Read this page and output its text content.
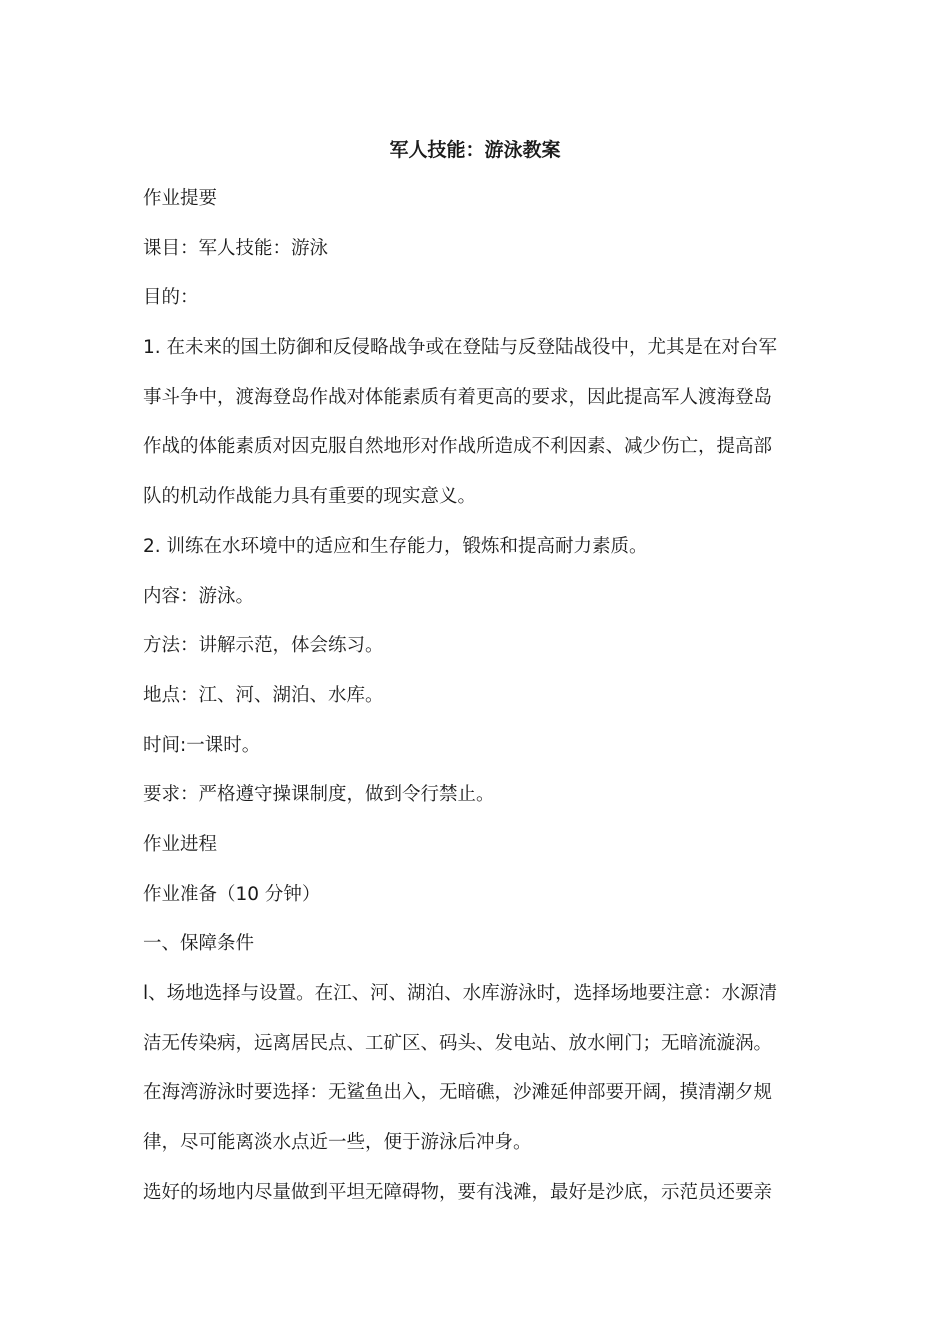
军人技能：游泳教案
作业提要
课目：军人技能：游泳
目的：
1. 在未来的国土防御和反侵略战争或在登陆与反登陆战役中，尤其是在对台军
事斗争中，渡海登岛作战对体能素质有着更高的要求，因此提高军人渡海登岛
作战的体能素质对因克服自然地形对作战所造成不利因素、减少伤亡，提高部
队的机动作战能力具有重要的现实意义。
2. 训练在水环境中的适应和生存能力，锻炼和提高耐力素质。
内容：游泳。
方法：讲解示范，体会练习。
地点：江、河、湖泊、水库。
时间:一课时。
要求：严格遵守操课制度，做到令行禁止。
作业进程
作业准备（10 分钟）
一、保障条件
l、场地选择与设置。在江、河、湖泊、水库游泳时，选择场地要注意：水源清
洁无传染病，远离居民点、工矿区、码头、发电站、放水闸门；无暗流漩涡。
在海湾游泳时要选择：无鲨鱼出入，无暗礁，沙滩延伸部要开阔，摸清潮夕规
律，尽可能离淡水点近一些，便于游泳后冲身。
选好的场地内尽量做到平坦无障碍物，要有浅滩，最好是沙底，示范员还要亲
